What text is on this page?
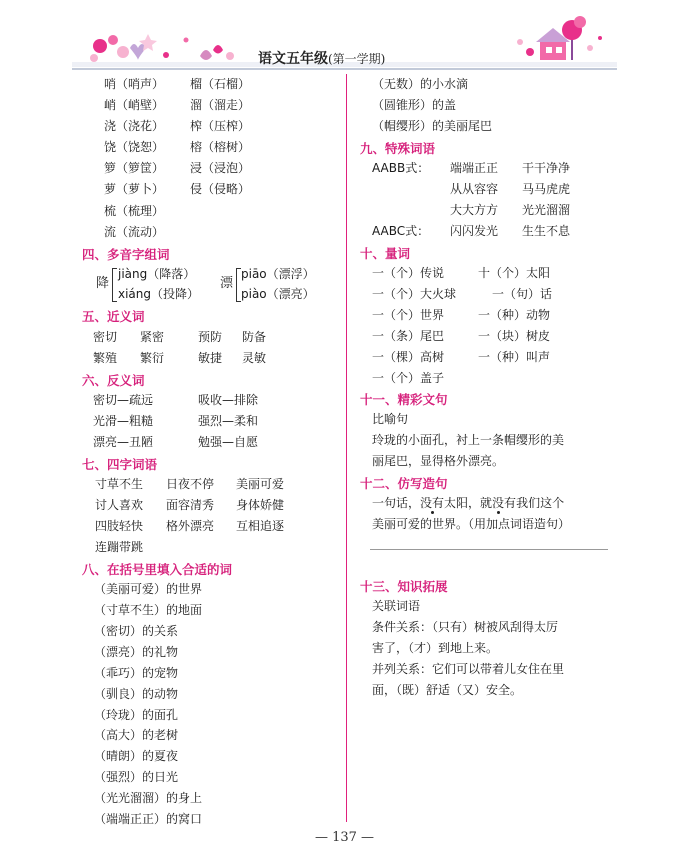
语文五年级(第一学期)
哨（哨声） 榴（石榴）
峭（峭壁） 溜（溜走）
浇（浇花） 榨（压榨）
饶（饶恕） 榕（榕树）
箩（箩筐） 浸（浸泡）
萝（萝卜） 侵（侵略）
梳（梳理）
流（流动）
四、多音字组词
降
jiàng（降落）
xiáng（投降）
漂
piāo（漂浮）
piào（漂亮）
五、近义词
密切 紧密	预防 防备
繁殖 繁衍	敏捷 灵敏
六、反义词
密切—疏远	吸收—排除
光滑—粗糙	强烈—柔和
漂亮—丑陋	勉强—自愿
七、四字词语
寸草不生 日夜不停 美丽可爱
讨人喜欢 面容清秀 身体娇健
四肢轻快 格外漂亮 互相追逐
连蹦带跳
八、在括号里填入合适的词
（美丽可爱）的世界
（寸草不生）的地面
（密切）的关系
（漂亮）的礼物
（乖巧）的宠物
（驯良）的动物
（玲珑）的面孔
（高大）的老树
（晴朗）的夏夜
（强烈）的日光
（光光溜溜）的身上
（端端正正）的窝口
（无数）的小水滴
（圆锥形）的盖
（帽缨形）的美丽尾巴
九、特殊词语
AABB式： 端端正正 干干净净
从从容容 马马虎虎
大大方方 光光溜溜
AABC式： 闪闪发光 生生不息
十、量词
一（个）传说	十（个）太阳
一（个）大火球	一（句）话
一（个）世界	一（种）动物
一（条）尾巴	一（块）树皮
一（棵）高树	一（种）叫声
一（个）盖子
十一、精彩文句
比喻句
玲珑的小面孔，衬上一条帽缨形的美
丽尾巴，显得格外漂亮。
十二、仿写造句
一句话，没有太阳，就没有我们这个
美丽可爱的世界。（用加点词语造句）
十三、知识拓展
关联词语
条件关系：（只有）树被风刮得太厉
害了，（才）到地上来。
并列关系：它们可以带着儿女住在里
面，（既）舒适（又）安全。
— 137 —
